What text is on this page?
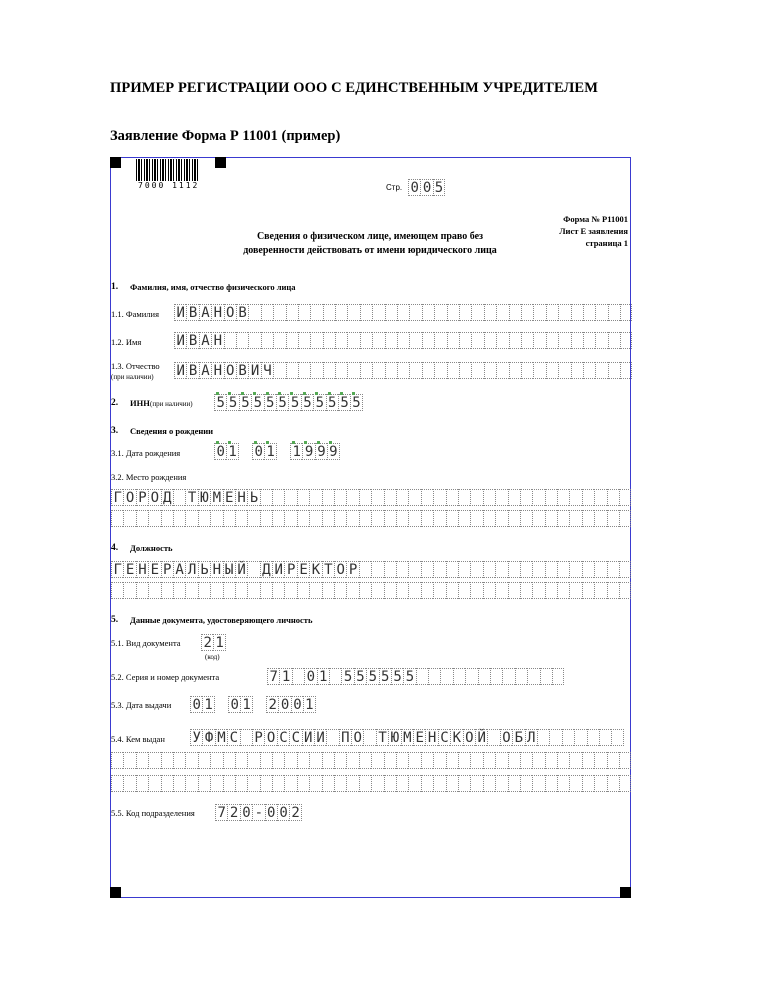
ПРИМЕР РЕГИСТРАЦИИ ООО С ЕДИНСТВЕННЫМ УЧРЕДИТЕЛЕМ
Заявление Форма Р 11001 (пример)
7000 1112	Стр. 0 0 5
Форма № Р11001
Лист Е заявления
страница 1
Сведения о физическом лице, имеющем право без
доверенности действовать от имени юридического лица
1. Фамилия, имя, отчество физического лица
1.1. Фамилия И В А Н О В
1.2. Имя	И В А Н
1.3. Отчество
(при наличии) И В А Н О В И Ч
2. ИНН (при наличии) 5 5 5 5 5 5 5 5 5 5 5 5
3. Сведения о рождении
3.1. Дата рождения	0 1 0 1 1 9 9 9
3.2. Место рождения
Г О Р О Д Т Ю М Е Н Ь
4. Должность
Г Е Н Е Р А Л Ь Н Ы Й Д И Р Е К Т О Р
5. Данные документа, удостоверяющего личность
5.1. Вид документа 2 1
(код)
5.2. Серия и номер документа	7 1 0 1 5 5 5 5 5 5
5.3. Дата выдачи 0 1 0 1 2 0 0 1
5.4. Кем выдан У Ф М С Р О С С И И П О Т Ю М Е Н С К О Й О Б Л
5.5. Код подразделения 7 2 0 - 0 0 2
